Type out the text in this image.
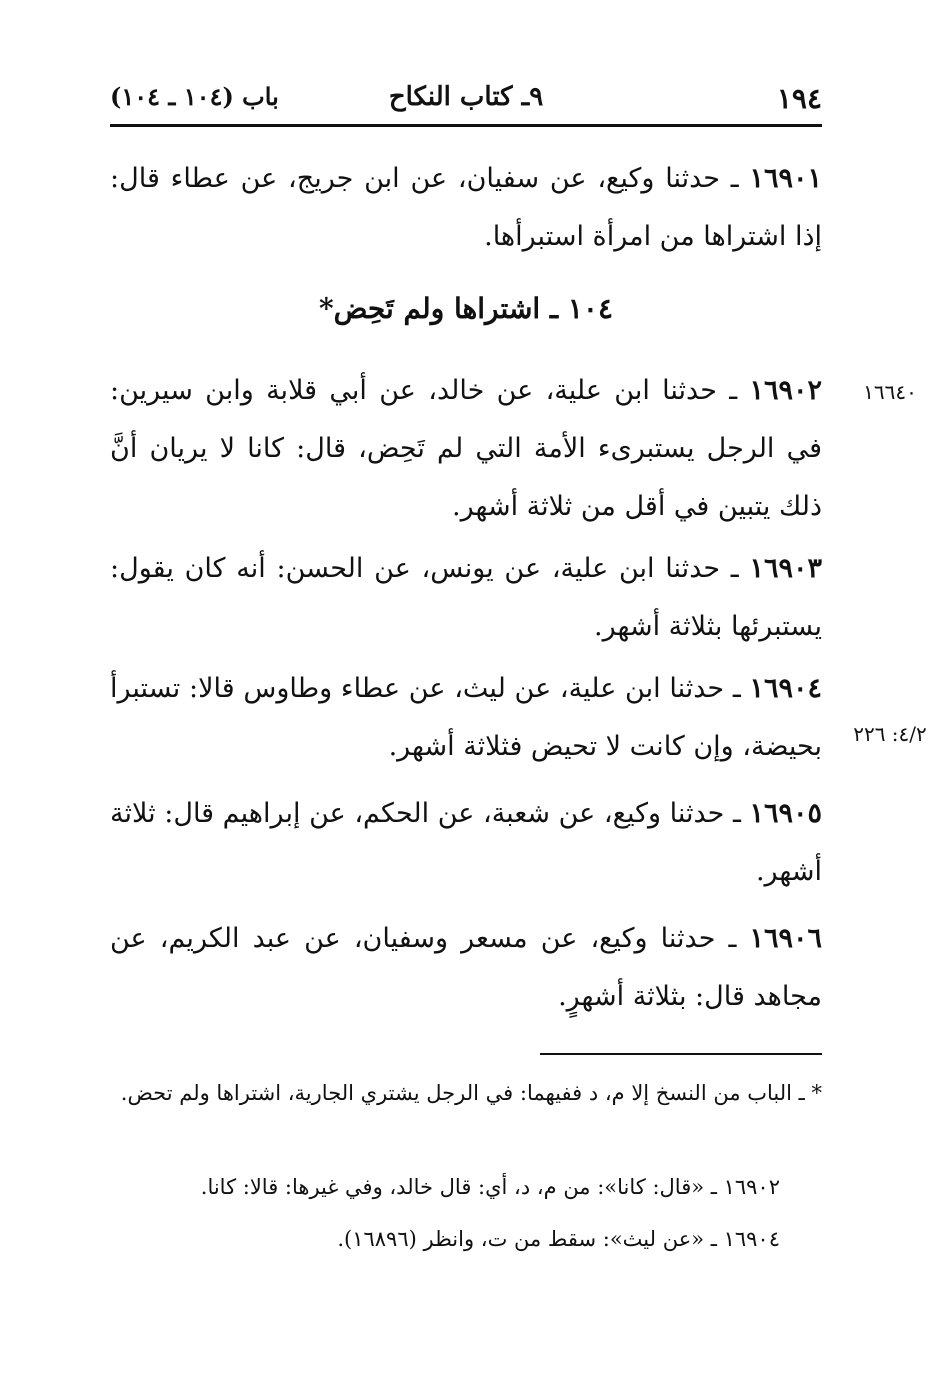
١٩٤
٩ـ كتاب النكاح
باب (١٠٤ ـ ١٠٤)
١٦٩٠١ ـ حدثنا وكيع، عن سفيان، عن ابن جريج، عن عطاء قال: إذا اشتراها من امرأة استبرأها.
١٠٤ ـ اشتراها ولم تَحِض*
١٦٦٤٠
١٦٩٠٢ ـ حدثنا ابن علية، عن خالد، عن أبي قلابة وابن سيرين: في الرجل يستبرىء الأمة التي لم تَحِض، قال: كانا لا يريان أنَّ ذلك يتبين في أقل من ثلاثة أشهر.
١٦٩٠٣ ـ حدثنا ابن علية، عن يونس، عن الحسن: أنه كان يقول: يستبرئها بثلاثة أشهر.
٤/٢: ٢٢٦
١٦٩٠٤ ـ حدثنا ابن علية، عن ليث، عن عطاء وطاوس قالا: تستبرأ بحيضة، وإن كانت لا تحيض فثلاثة أشهر.
١٦٩٠٥ ـ حدثنا وكيع، عن شعبة، عن الحكم، عن إبراهيم قال: ثلاثة أشهر.
١٦٩٠٦ ـ حدثنا وكيع، عن مسعر وسفيان، عن عبد الكريم، عن مجاهد قال: بثلاثة أشهرٍ.
* ـ الباب من النسخ إلا م، د ففيهما: في الرجل يشتري الجارية، اشتراها ولم تحض.
١٦٩٠٢ ـ «قال: كانا»: من م، د، أي: قال خالد، وفي غيرها: قالا: كانا.
١٦٩٠٤ ـ «عن ليث»: سقط من ت، وانظر (١٦٨٩٦).
